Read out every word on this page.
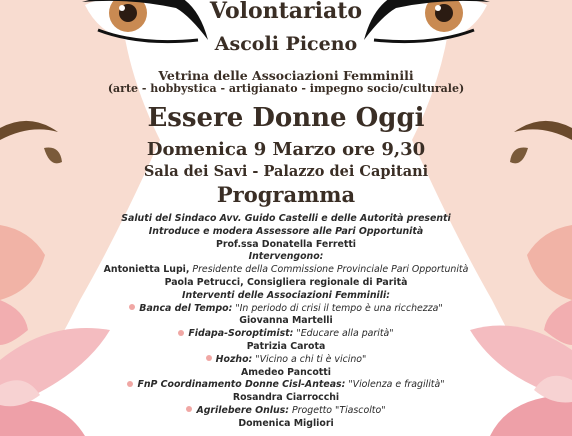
Volontariato
Ascoli Piceno
Vetrina delle Associazioni Femminili
(arte - hobbystica - artigianato - impegno socio/culturale)
Essere Donne Oggi
Domenica 9 Marzo ore 9,30
Sala dei Savi - Palazzo dei Capitani
Programma
Saluti del Sindaco Avv. Guido Castelli e delle Autorità presenti
Introduce e modera Assessore alle Pari Opportunità
Prof.ssa Donatella Ferretti
Intervengono:
Antonietta Lupi, Presidente della Commissione Provinciale Pari Opportunità
Paola Petrucci, Consigliera regionale di Parità
Interventi delle Associazioni Femminili:
Banca del Tempo: "In periodo di crisi il tempo è una ricchezza"
Giovanna Martelli
Fidapa-Soroptimist: "Educare alla parità"
Patrizia Carota
Hozho: "Vicino a chi ti è vicino"
Amedeo Pancotti
FnP Coordinamento Donne Cisl-Anteas: "Violenza e fragilità"
Rosandra Ciarrocchi
Agrilebere Onlus: Progetto "Tiascolto"
Domenica Migliori
